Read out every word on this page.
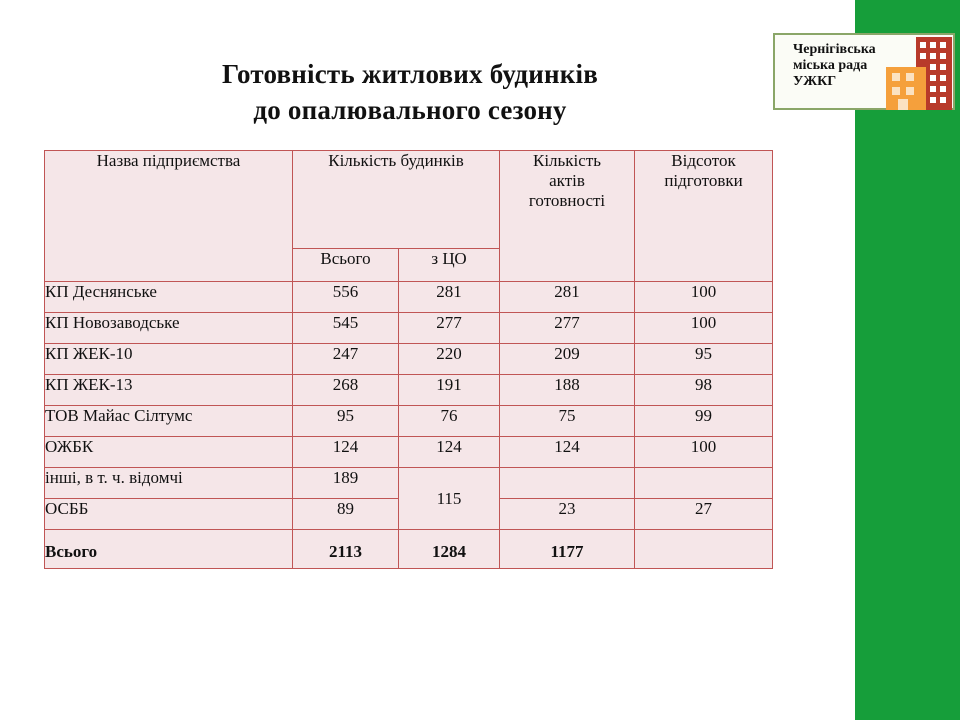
Чернігівська
міська рада
УЖКГ
Готовність житлових будинків
до опалювального сезону
Назва підприємства	Кількість будинків		Кількість актів готовності	Відсоток підготовки

	Всього	з ЦО		
КП Деснянське	556	281	281	100
КП Новозаводське	545	277	277	100
КП ЖЕК-10	247	220	209	95
КП ЖЕК-13	268	191	188	98
ТОВ Майас Сілтумс	95	76	75	99
ОЖБК	124	124	124	100
інші, в т. ч. відомчі	189	115		
ОСББ	89		23	27
Всього	2113	1284	1177	
